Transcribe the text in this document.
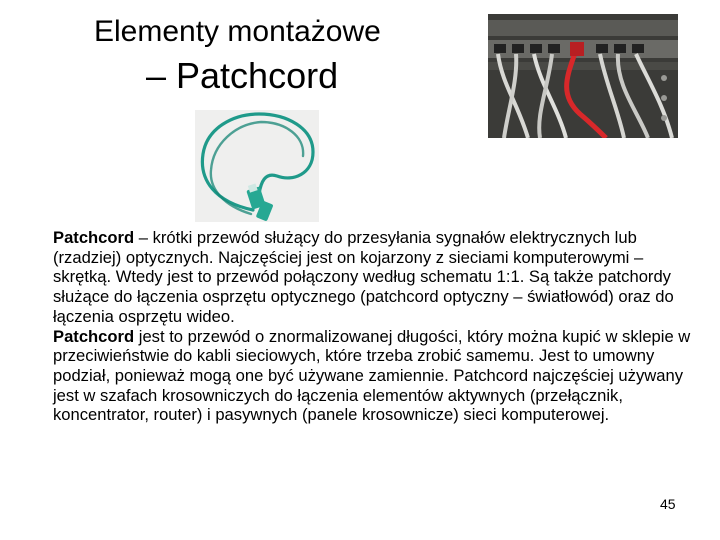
Elementy montażowe
– Patchcord

Patchcord – krótki przewód służący do przesyłania sygnałów elektrycznych lub (rzadziej) optycznych. Najczęściej jest on kojarzony z sieciami komputerowymi – skrętką. Wtedy jest to przewód połączony według schematu 1:1. Są także patchordy służące do łączenia osprzętu optycznego (patchcord optyczny – światłowód) oraz do łączenia osprzętu wideo.

Patchcord jest to przewód o znormalizowanej długości, który można kupić w sklepie w przeciwieństwie do kabli sieciowych, które trzeba zrobić samemu. Jest to umowny podział, ponieważ mogą one być używane zamiennie. Patchcord najczęściej używany jest w szafach krosowniczych do łączenia elementów aktywnych (przełącznik, koncentrator, router) i pasywnych (panele krosownicze) sieci komputerowej.

45
